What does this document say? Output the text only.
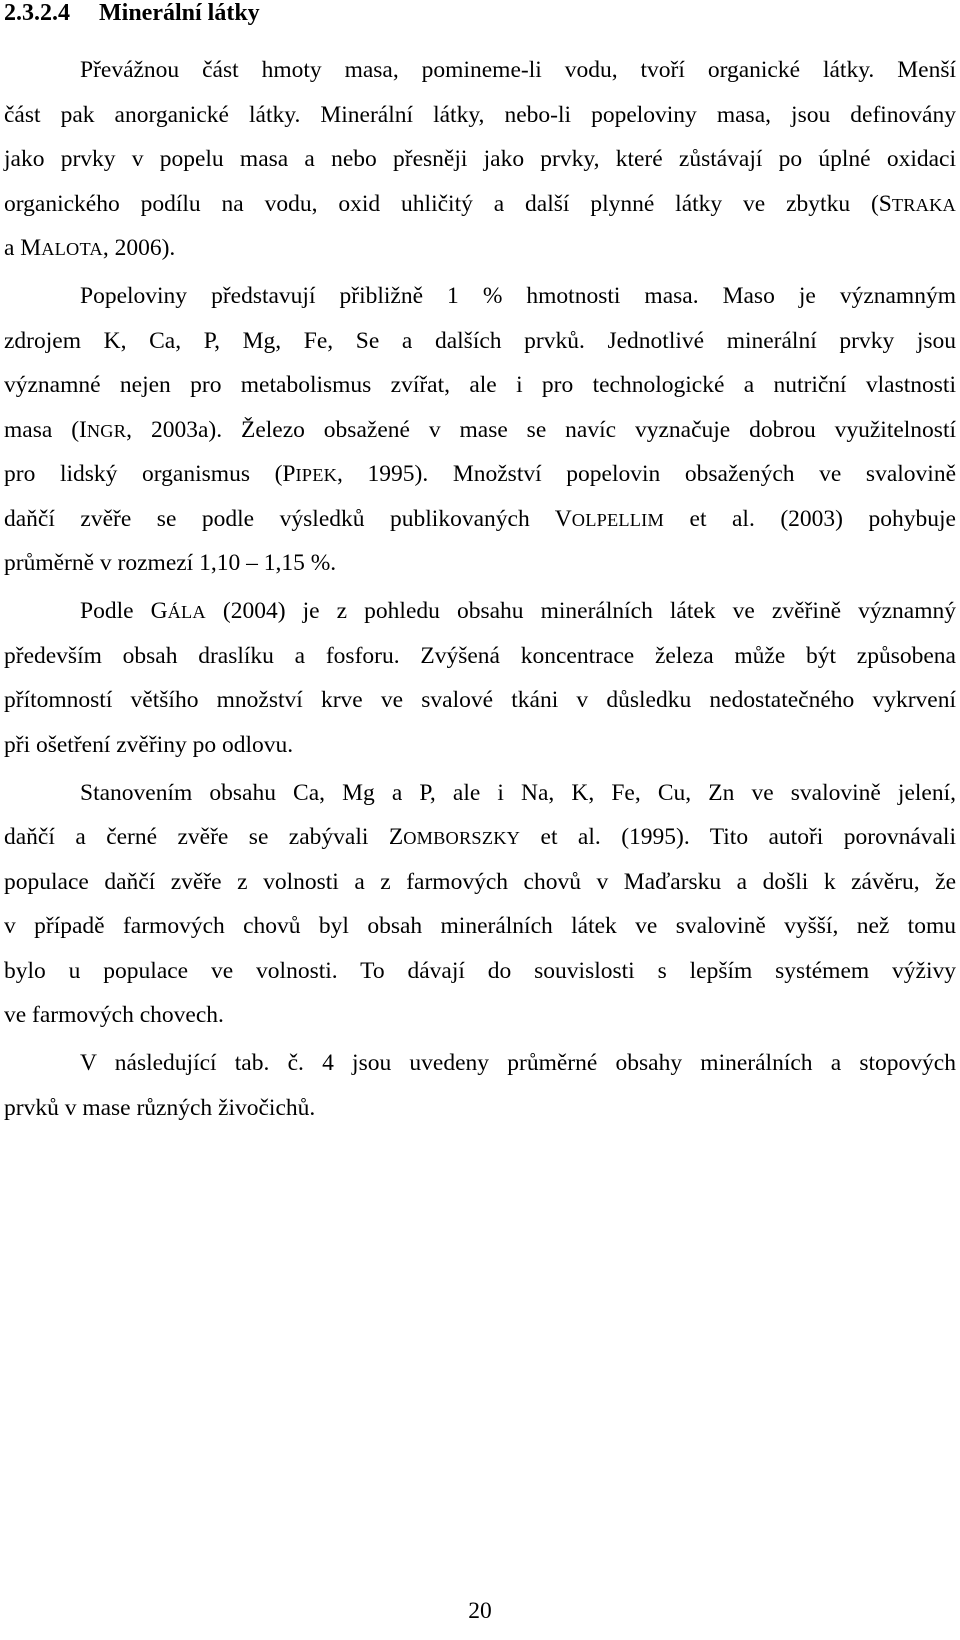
2.3.2.4 Minerální látky
Převážnou část hmoty masa, pomineme-li vodu, tvoří organické látky. Menší
část pak anorganické látky. Minerální látky, nebo-li popeloviny masa, jsou definovány
jako prvky v popelu masa a nebo přesněji jako prvky, které zůstávají po úplné oxidaci
organického podílu na vodu, oxid uhličitý a další plynné látky ve zbytku (STRAKA
a MALOTA, 2006).
Popeloviny představují přibližně 1 % hmotnosti masa. Maso je významným
zdrojem K, Ca, P, Mg, Fe, Se a dalších prvků. Jednotlivé minerální prvky jsou
významné nejen pro metabolismus zvířat, ale i pro technologické a nutriční vlastnosti
masa (INGR, 2003a). Železo obsažené v mase se navíc vyznačuje dobrou využitelností
pro lidský organismus (PIPEK, 1995). Množství popelovin obsažených ve svalovině
daňčí zvěře se podle výsledků publikovaných VOLPELLIM et al. (2003) pohybuje
průměrně v rozmezí 1,10 – 1,15 %.
Podle GÁLA (2004) je z pohledu obsahu minerálních látek ve zvěřině významný
především obsah draslíku a fosforu. Zvýšená koncentrace železa může být způsobena
přítomností většího množství krve ve svalové tkáni v důsledku nedostatečného vykrvení
při ošetření zvěřiny po odlovu.
Stanovením obsahu Ca, Mg a P, ale i Na, K, Fe, Cu, Zn ve svalovině jelení,
daňčí a černé zvěře se zabývali ZOMBORSZKY et al. (1995). Tito autoři porovnávali
populace daňčí zvěře z volnosti a z farmových chovů v Maďarsku a došli k závěru, že
v případě farmových chovů byl obsah minerálních látek ve svalovině vyšší, než tomu
bylo u populace ve volnosti. To dávají do souvislosti s lepším systémem výživy
ve farmových chovech.
V následující tab. č. 4 jsou uvedeny průměrné obsahy minerálních a stopových
prvků v mase různých živočichů.
20
